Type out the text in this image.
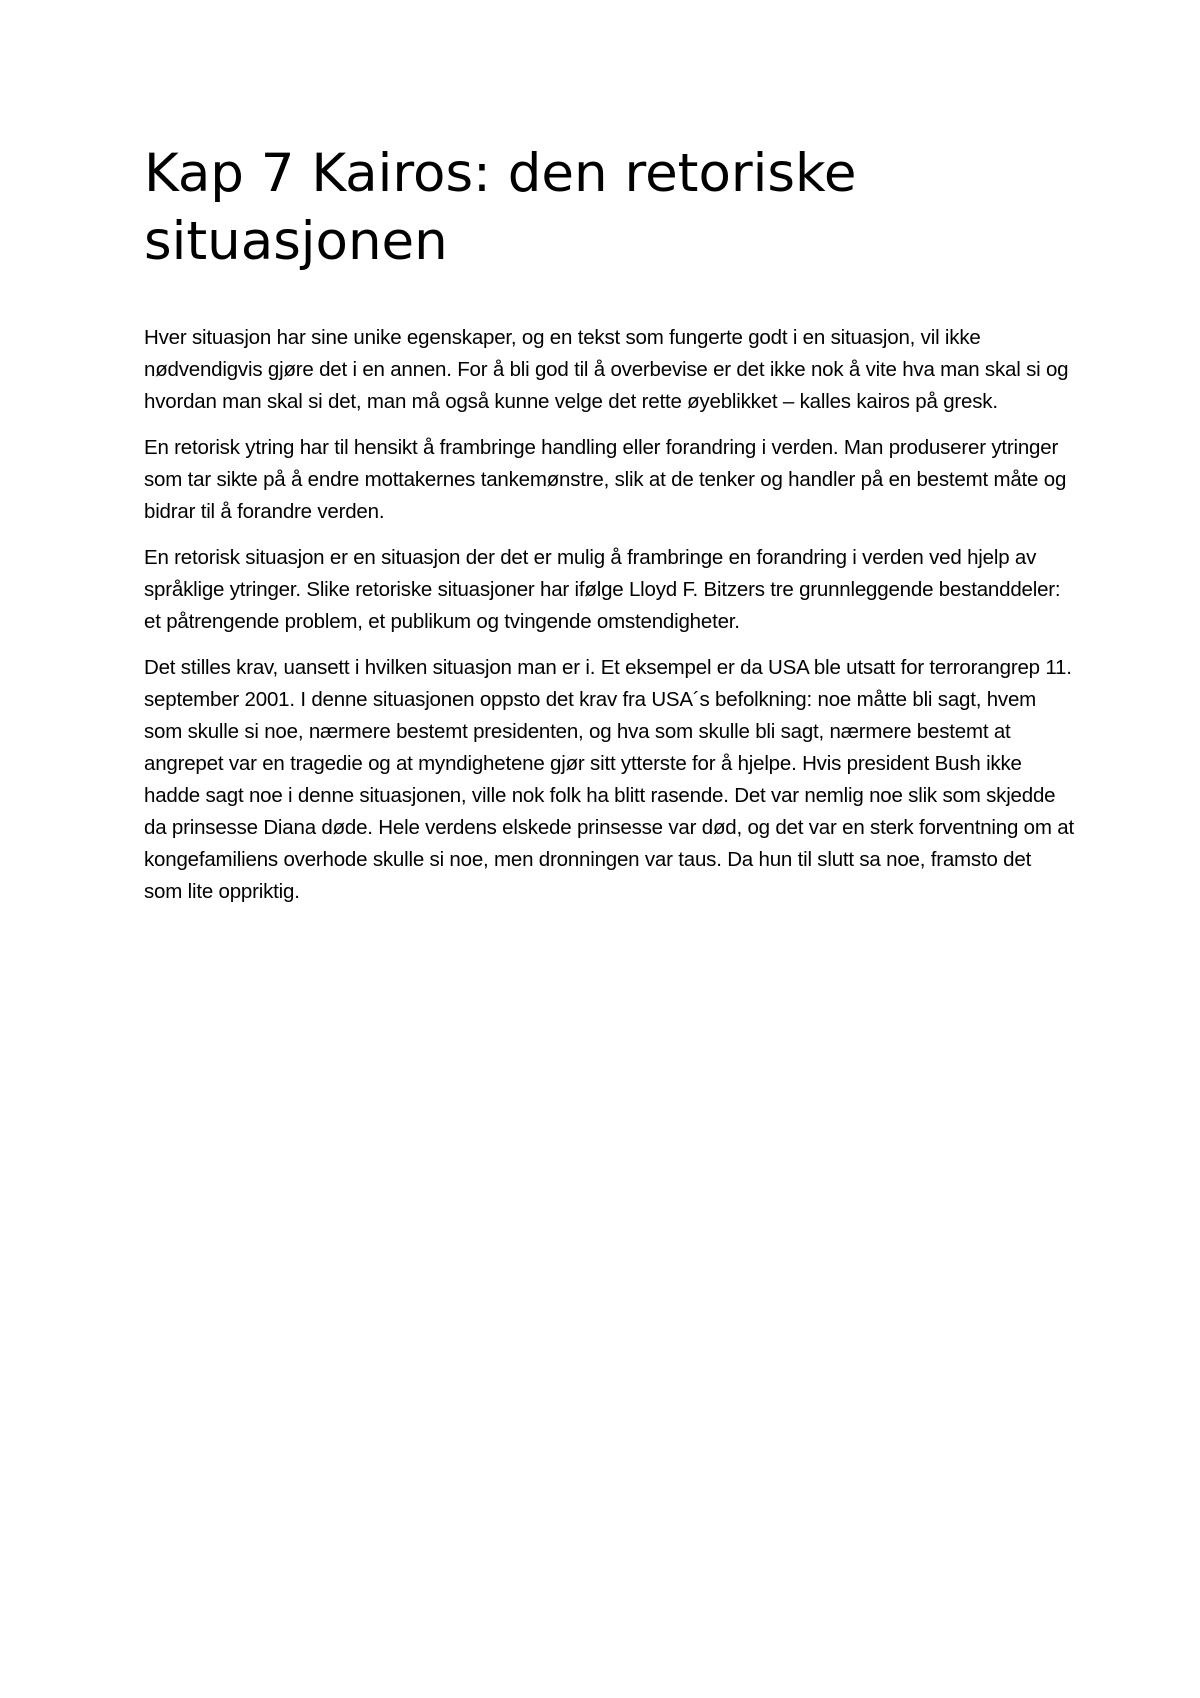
Kap 7 Kairos: den retoriske situasjonen

Hver situasjon har sine unike egenskaper, og en tekst som fungerte godt i en situasjon, vil ikke nødvendigvis gjøre det i en annen. For å bli god til å overbevise er det ikke nok å vite hva man skal si og hvordan man skal si det, man må også kunne velge det rette øyeblikket – kalles kairos på gresk.

En retorisk ytring har til hensikt å frambringe handling eller forandring i verden. Man produserer ytringer som tar sikte på å endre mottakernes tankemønstre, slik at de tenker og handler på en bestemt måte og bidrar til å forandre verden.

En retorisk situasjon er en situasjon der det er mulig å frambringe en forandring i verden ved hjelp av språklige ytringer. Slike retoriske situasjoner har ifølge Lloyd F. Bitzers tre grunnleggende bestanddeler: et påtrengende problem, et publikum og tvingende omstendigheter.

Det stilles krav, uansett i hvilken situasjon man er i. Et eksempel er da USA ble utsatt for terrorangrep 11. september 2001. I denne situasjonen oppsto det krav fra USA´s befolkning: noe måtte bli sagt, hvem som skulle si noe, nærmere bestemt presidenten, og hva som skulle bli sagt, nærmere bestemt at angrepet var en tragedie og at myndighetene gjør sitt ytterste for å hjelpe. Hvis president Bush ikke hadde sagt noe i denne situasjonen, ville nok folk ha blitt rasende. Det var nemlig noe slik som skjedde da prinsesse Diana døde. Hele verdens elskede prinsesse var død, og det var en sterk forventning om at kongefamiliens overhode skulle si noe, men dronningen var taus. Da hun til slutt sa noe, framsto det som lite oppriktig.
